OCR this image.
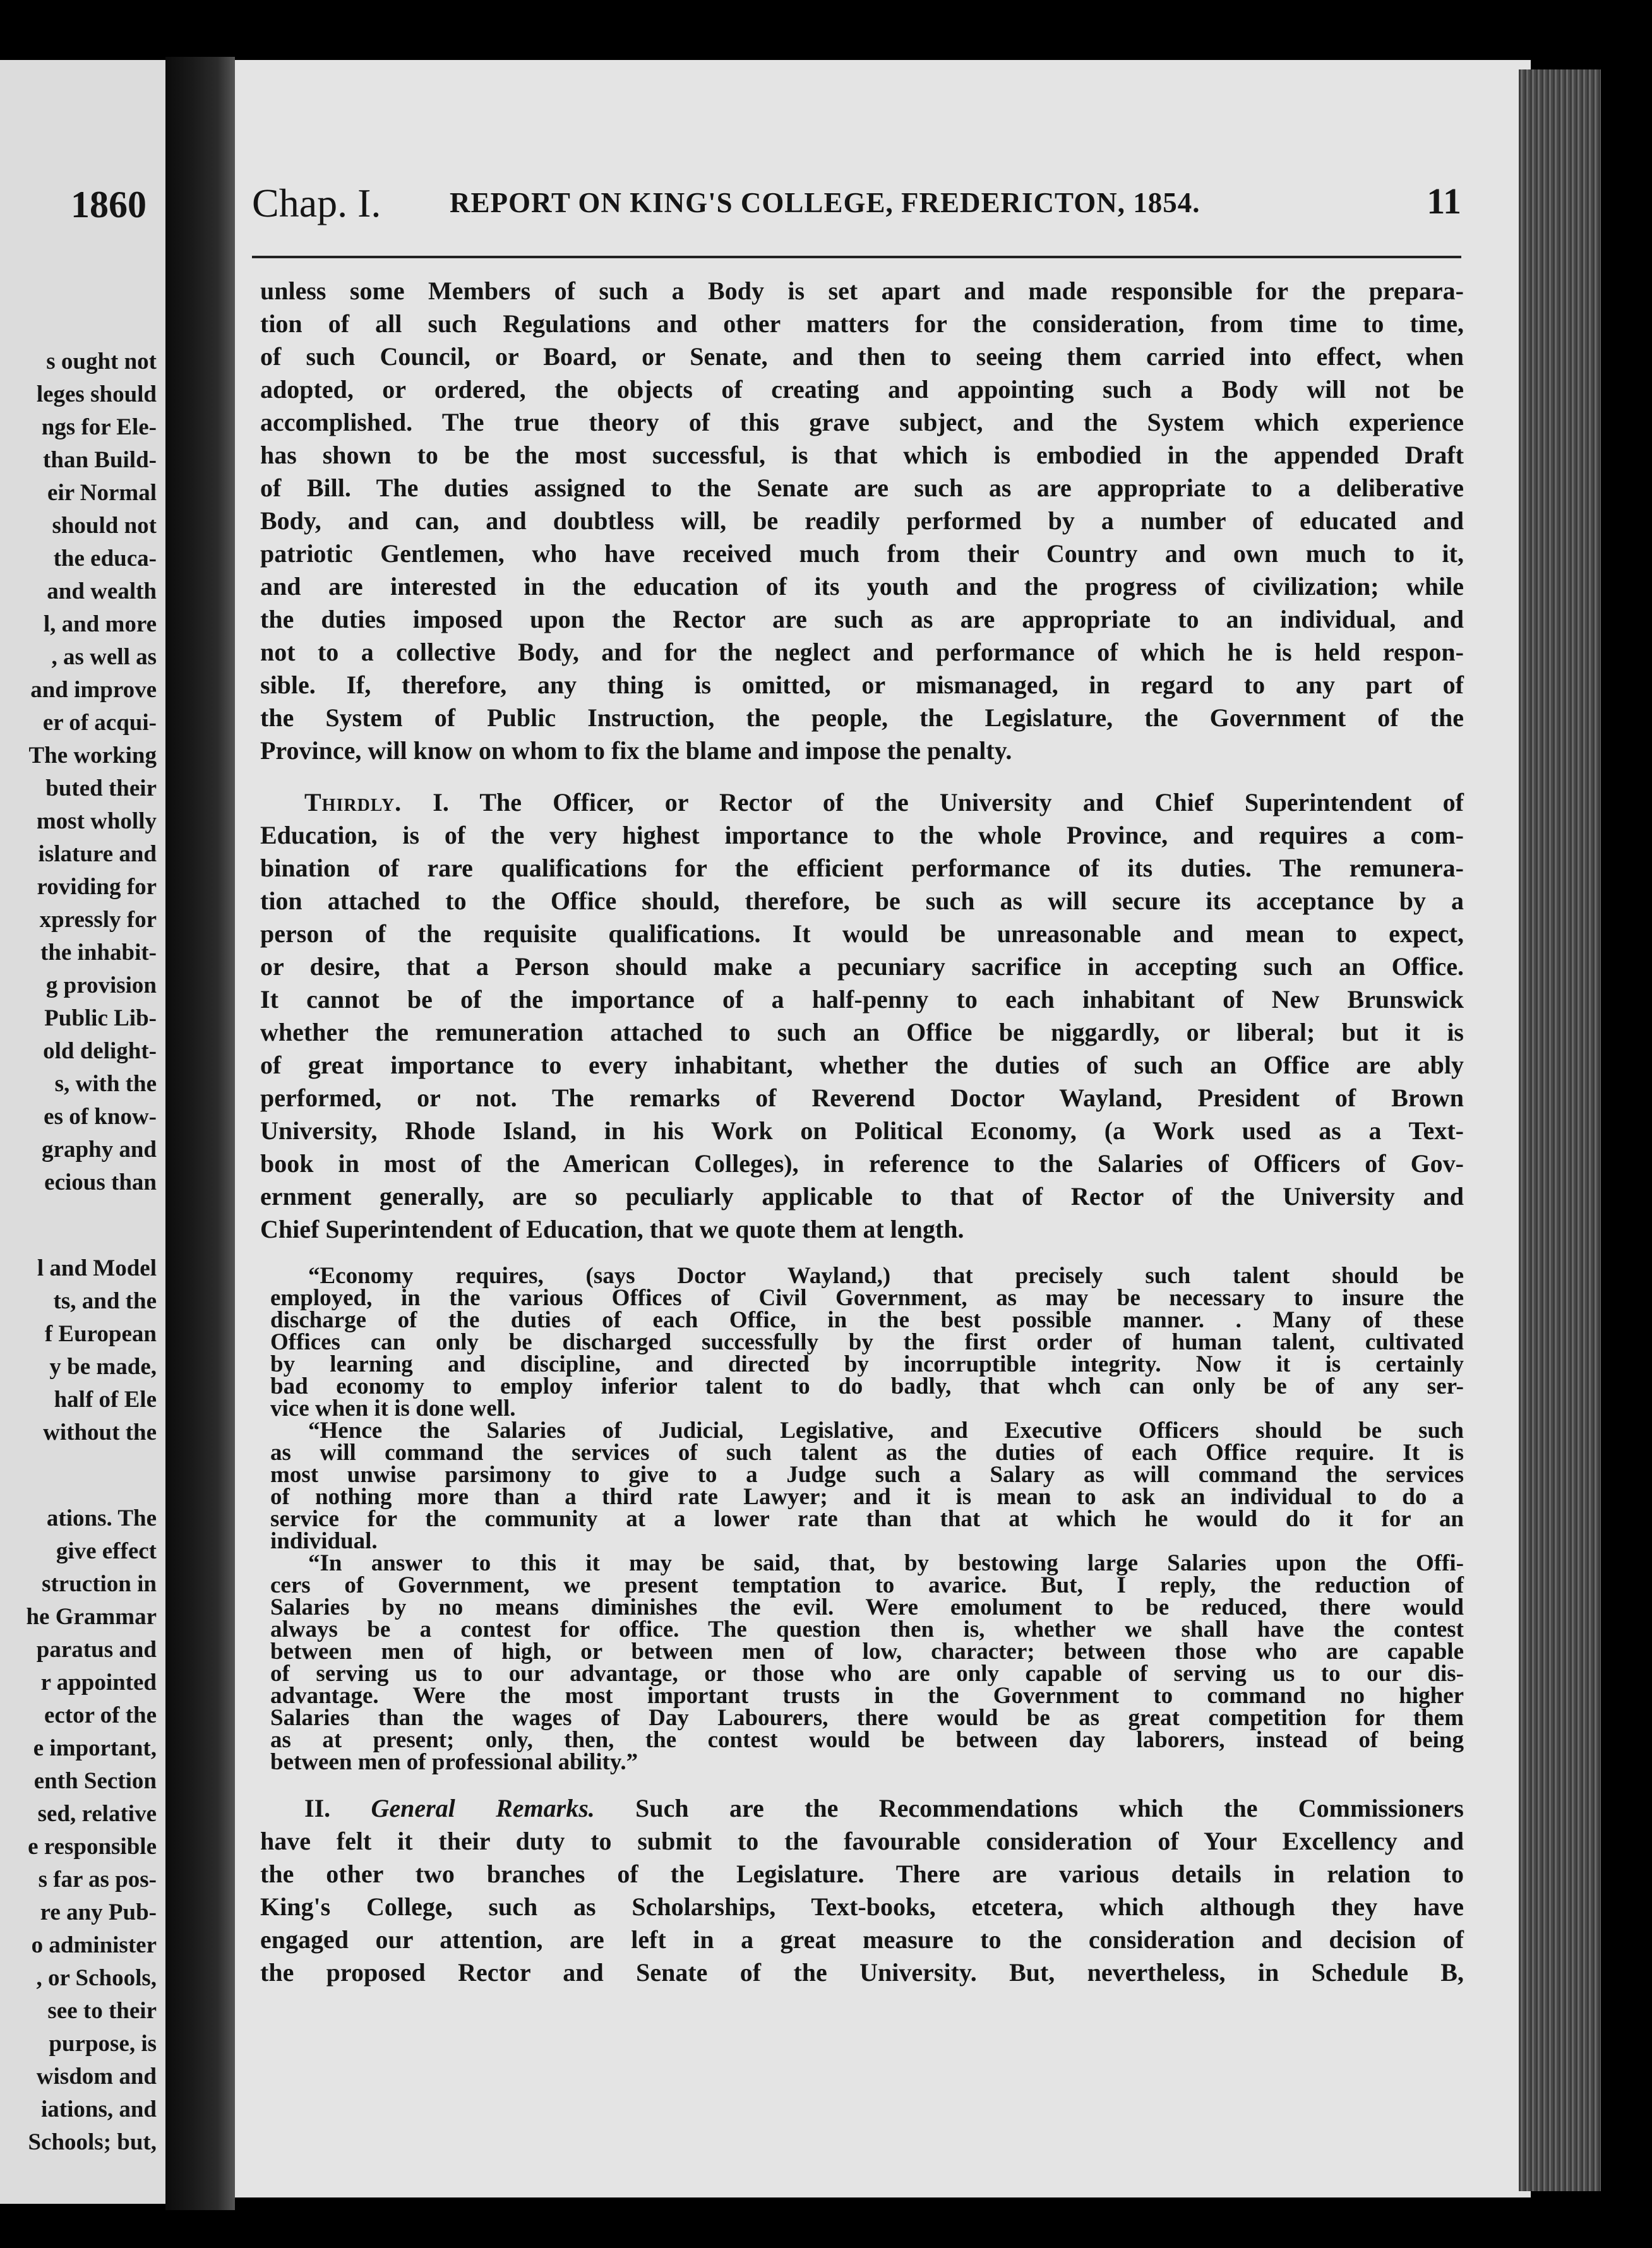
1860
s ought not
leges should
ngs for Ele-
than Build-
eir Normal
should not
the educa-
and wealth
l, and more
, as well as
and improve
er of acqui-
The working
buted their
most wholly
islature and
roviding for
xpressly for
the inhabit-
g provision
Public Lib-
old delight-
s, with the
es of know-
graphy and
ecious than
l and Model
ts, and the
f European
y be made,
half of Ele
without the
ations. The
give effect
struction in
he Grammar
paratus and
r appointed
ector of the
e important,
enth Section
sed, relative
e responsible
s far as pos-
re any Pub-
o administer
, or Schools,
see to their
purpose, is
wisdom and
iations, and
Schools; but,
Chap. I. REPORT ON KING'S COLLEGE, FREDERICTON, 1854.	11

unless some Members of such a Body is set apart and made responsible for the prepara-
tion of all such Regulations and other matters for the consideration, from time to time,
of such Council, or Board, or Senate, and then to seeing them carried into effect, when
adopted, or ordered, the objects of creating and appointing such a Body will not be
accomplished. The true theory of this grave subject, and the System which experience
has shown to be the most successful, is that which is embodied in the appended Draft
of Bill. The duties assigned to the Senate are such as are appropriate to a deliberative
Body, and can, and doubtless will, be readily performed by a number of educated and
patriotic Gentlemen, who have received much from their Country and own much to it,
and are interested in the education of its youth and the progress of civilization; while
the duties imposed upon the Rector are such as are appropriate to an individual, and
not to a collective Body, and for the neglect and performance of which he is held respon-
sible. If, therefore, any thing is omitted, or mismanaged, in regard to any part of
the System of Public Instruction, the people, the Legislature, the Government of the
Province, will know on whom to fix the blame and impose the penalty.

Thirdly. I. The Officer, or Rector of the University and Chief Superintendent of
Education, is of the very highest importance to the whole Province, and requires a com-
bination of rare qualifications for the efficient performance of its duties. The remunera-
tion attached to the Office should, therefore, be such as will secure its acceptance by a
person of the requisite qualifications. It would be unreasonable and mean to expect,
or desire, that a Person should make a pecuniary sacrifice in accepting such an Office.
It cannot be of the importance of a half-penny to each inhabitant of New Brunswick
whether the remuneration attached to such an Office be niggardly, or liberal; but it is
of great importance to every inhabitant, whether the duties of such an Office are ably
performed, or not. The remarks of Reverend Doctor Wayland, President of Brown
University, Rhode Island, in his Work on Political Economy, (a Work used as a Text-
book in most of the American Colleges), in reference to the Salaries of Officers of Gov-
ernment generally, are so peculiarly applicable to that of Rector of the University and
Chief Superintendent of Education, that we quote them at length.

“Economy requires, (says Doctor Wayland,) that precisely such talent should be
employed, in the various Offices of Civil Government, as may be necessary to insure the
discharge of the duties of each Office, in the best possible manner. . Many of these
Offices can only be discharged successfully by the first order of human talent, cultivated
by learning and discipline, and directed by incorruptible integrity. Now it is certainly
bad economy to employ inferior talent to do badly, that whch can only be of any ser-
vice when it is done well.

“Hence the Salaries of Judicial, Legislative, and Executive Officers should be such
as will command the services of such talent as the duties of each Office require. It is
most unwise parsimony to give to a Judge such a Salary as will command the services
of nothing more than a third rate Lawyer; and it is mean to ask an individual to do a
service for the community at a lower rate than that at which he would do it for an
individual.

“In answer to this it may be said, that, by bestowing large Salaries upon the Offi-
cers of Government, we present temptation to avarice. But, I reply, the reduction of
Salaries by no means diminishes the evil. Were emolument to be reduced, there would
always be a contest for office. The question then is, whether we shall have the contest
between men of high, or between men of low, character; between those who are capable
of serving us to our advantage, or those who are only capable of serving us to our dis-
advantage. Were the most important trusts in the Government to command no higher
Salaries than the wages of Day Labourers, there would be as great competition for them
as at present; only, then, the contest would be between day laborers, instead of being
between men of professional ability.”

II. General Remarks. Such are the Recommendations which the Commissioners
have felt it their duty to submit to the favourable consideration of Your Excellency and
the other two branches of the Legislature. There are various details in relation to
King's College, such as Scholarships, Text-books, etcetera, which although they have
engaged our attention, are left in a great measure to the consideration and decision of
the proposed Rector and Senate of the University. But, nevertheless, in Schedule B,
